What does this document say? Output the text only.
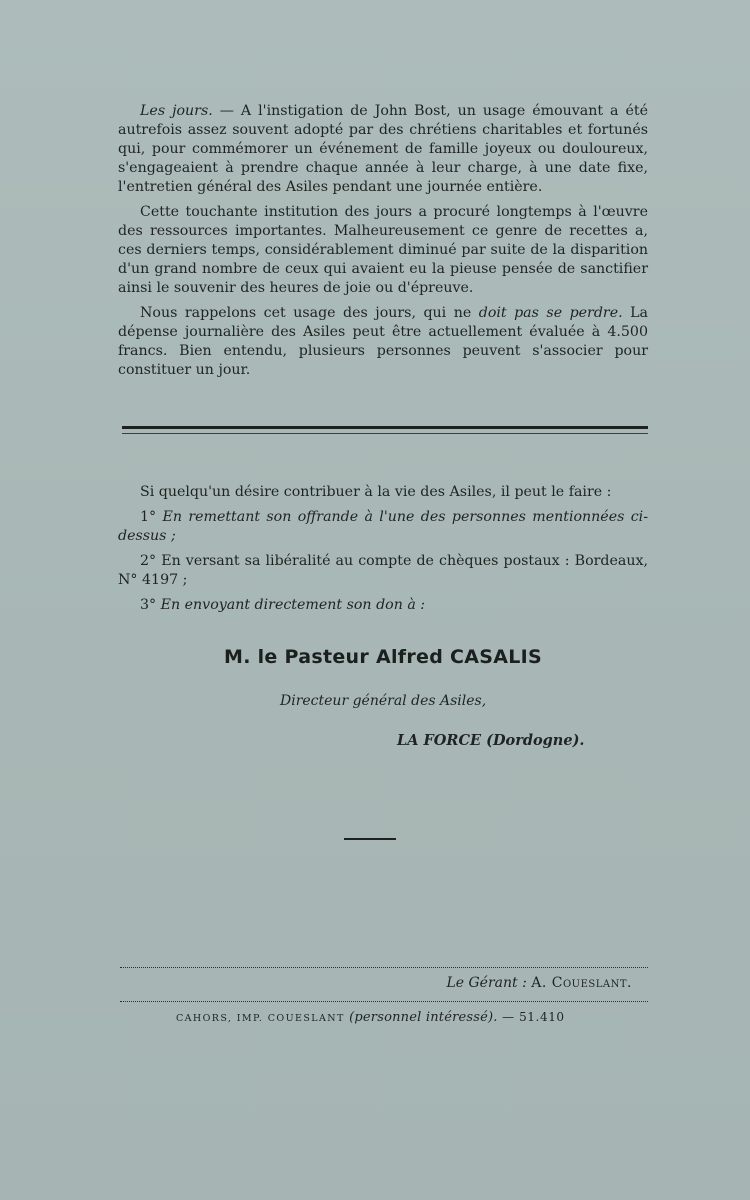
Les jours. — A l'instigation de John Bost, un usage émouvant a été autrefois assez souvent adopté par des chrétiens charitables et fortunés qui, pour commémorer un événement de famille joyeux ou douloureux, s'engageaient à prendre chaque année à leur charge, à une date fixe, l'entretien général des Asiles pendant une journée entière.

Cette touchante institution des jours a procuré longtemps à l'œuvre des ressources importantes. Malheureusement ce genre de recettes a, ces derniers temps, considérablement diminué par suite de la disparition d'un grand nombre de ceux qui avaient eu la pieuse pensée de sanctifier ainsi le souvenir des heures de joie ou d'épreuve.

Nous rappelons cet usage des jours, qui ne doit pas se perdre. La dépense journalière des Asiles peut être actuellement évaluée à 4.500 francs. Bien entendu, plusieurs personnes peuvent s'associer pour constituer un jour.

Si quelqu'un désire contribuer à la vie des Asiles, il peut le faire :

1° En remettant son offrande à l'une des personnes mentionnées ci-dessus ;

2° En versant sa libéralité au compte de chèques postaux : Bordeaux, N° 4197 ;

3° En envoyant directement son don à :

M. le Pasteur Alfred CASALIS
Directeur général des Asiles,
LA FORCE (Dordogne).
Le Gérant : A. Coueslant.
CAHORS, IMP. COUESLANT (personnel intéressé). — 51.410
